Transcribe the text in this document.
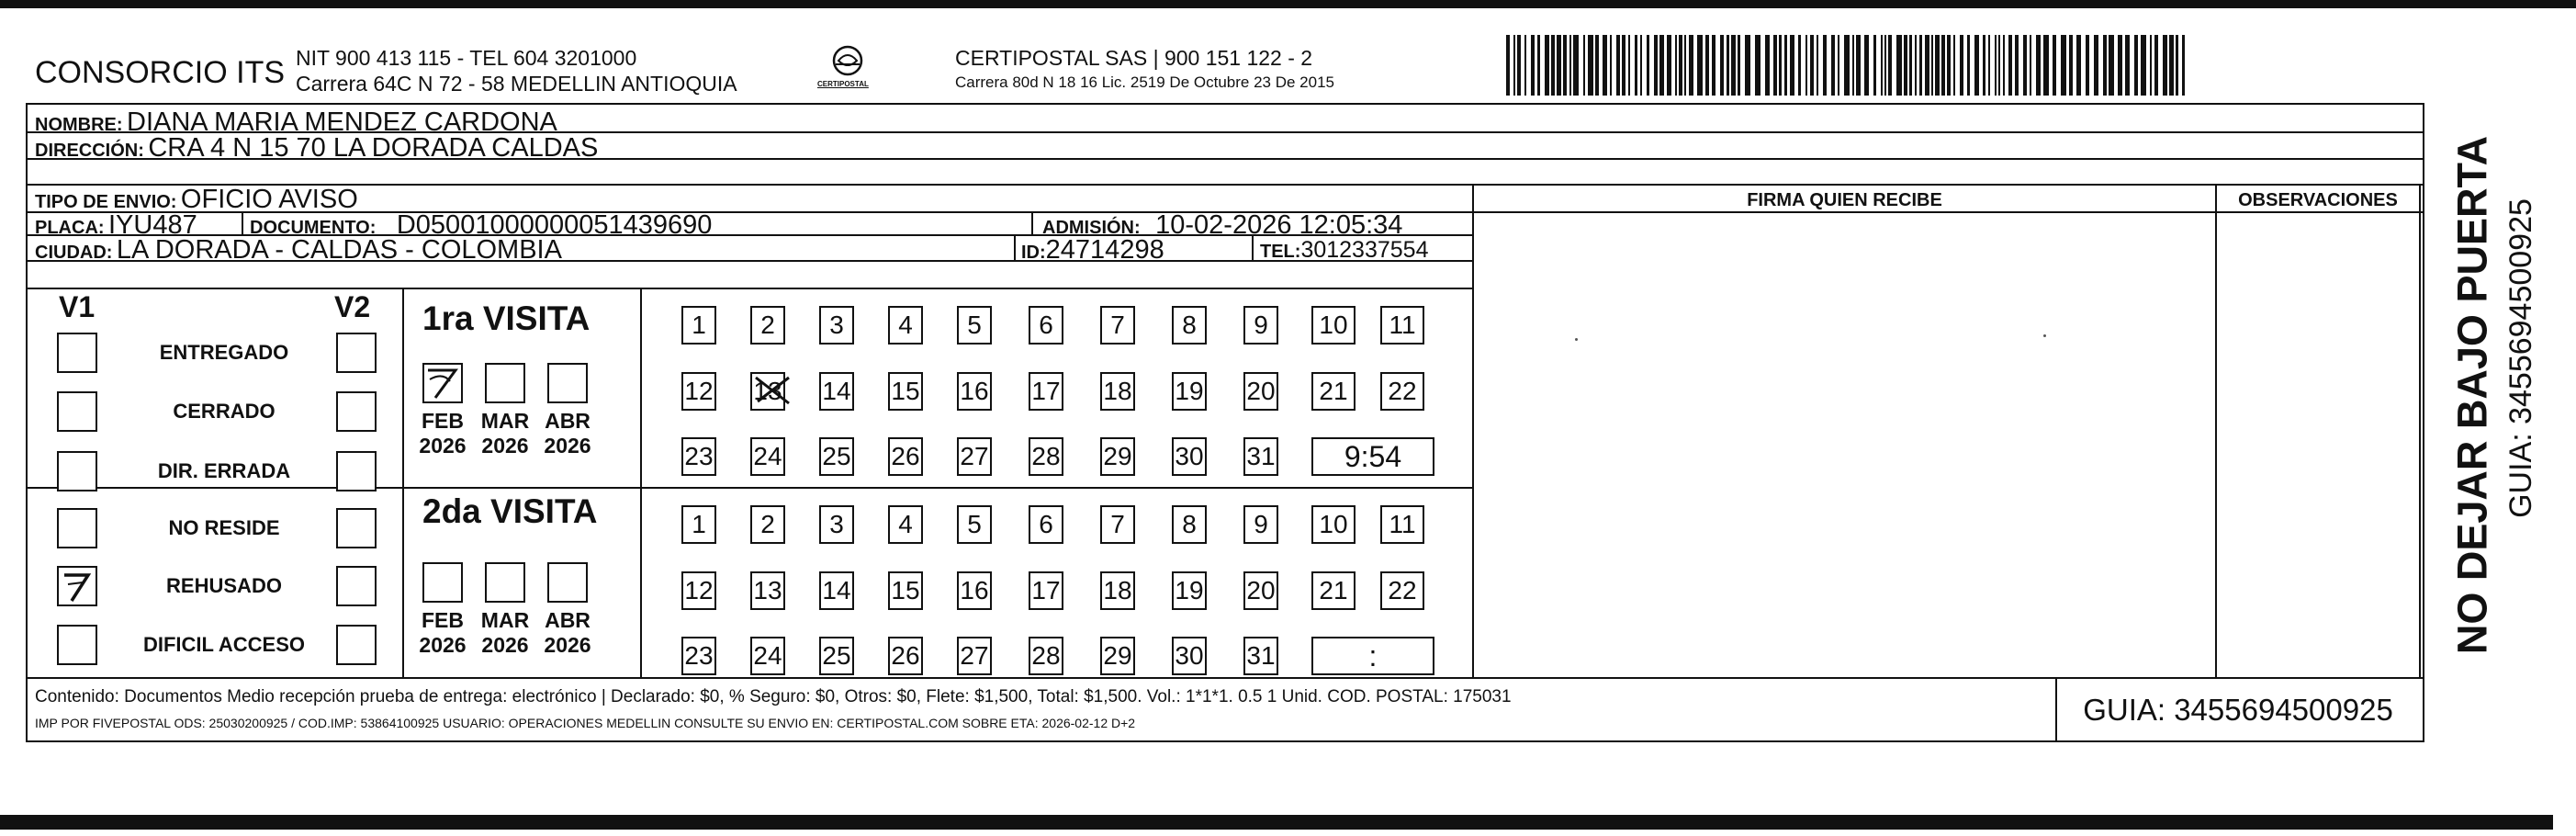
CONSORCIO ITS NIT 900 413 115 - TEL 604 3201000
Carrera 64C N 72 - 58 MEDELLIN ANTIOQUIA	CERTIPOSTAL
CERTIPOSTAL SAS | 900 151 122 - 2
Carrera 80d N 18 16 Lic. 2519 De Octubre 23 De 2015
NOMBRE: DIANA MARIA MENDEZ CARDONA
DIRECCIÓN: CRA 4 N 15 70 LA DORADA CALDAS
TIPO DE ENVIO: OFICIO AVISO	FIRMA QUIEN RECIBE	OBSERVACIONES
PLACA: IYU487	DOCUMENTO: D05001000000051439690	ADMISIÓN: 10-02-2026 12:05:34
CIUDAD: LA DORADA - CALDAS - COLOMBIA	ID:24714298	TEL:3012337554
V1	V2
ENTREGADO
CERRADO
DIR. ERRADA
NO RESIDE
REHUSADO
DIFICIL ACCESO
1ra VISITA
2da VISITA
FEB
2026
MAR
2026
ABR
2026
1	2	3	4	5	6	7	8	9	10	11
12 13 14 15 16 17 18 19 20	21	22
23 24 25 26 27 28 29 30 31	9:54
FEB
2026
MAR
2026
ABR
2026
1	2	3	4	5	6	7	8	9	10	11
12 13 14 15 16 17 18 19 20	21	22
23 24 25 26 27 28 29 30 31	:
Contenido: Documentos Medio recepción prueba de entrega: electrónico | Declarado: $0, % Seguro: $0, Otros: $0, Flete: $1,500, Total: $1,500. Vol.: 1*1*1. 0.5 1 Unid. COD. POSTAL: 175031
IMP POR FIVEPOSTAL ODS: 25030200925 / COD.IMP: 53864100925 USUARIO: OPERACIONES MEDELLIN CONSULTE SU ENVIO EN: CERTIPOSTAL.COM SOBRE ETA: 2026-02-12 D+2	GUIA: 3455694500925
NO DEJAR BAJO PUERTA GUIA: 3455694500925
